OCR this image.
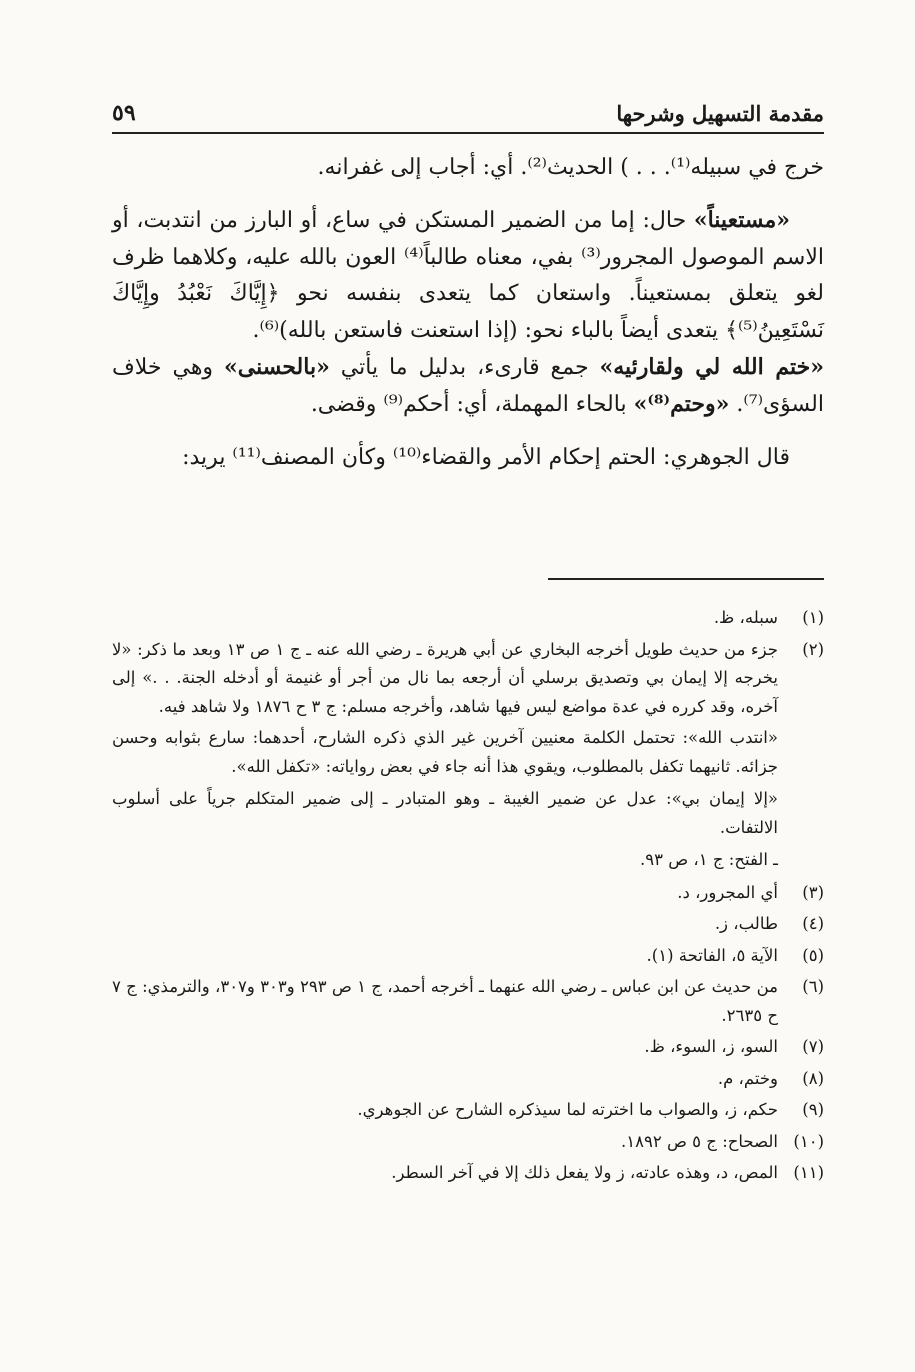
٥٩	مقدمة التسهيل وشرحها

خرج في سبيله⁽¹⁾. . . ) الحديث⁽²⁾. أي: أجاب إلى غفرانه.

«مستعيناً» حال: إما من الضمير المستكن في ساع، أو البارز من انتدبت، أو الاسم الموصول المجرور⁽³⁾ بفي، معناه طالباً⁽⁴⁾ العون بالله عليه، وكلاهما ظرف لغو يتعلق بمستعيناً. واستعان كما يتعدى بنفسه نحو ﴿إِيَّاكَ نَعْبُدُ وإِيَّاكَ نَسْتَعِينُ⁽⁵⁾﴾ يتعدى أيضاً بالباء نحو: (إذا استعنت فاستعن بالله)⁽⁶⁾.

«ختم الله لي ولقارئيه» جمع قارىء، بدليل ما يأتي «بالحسنى» وهي خلاف السؤى⁽⁷⁾. «وحتم⁽⁸⁾» بالحاء المهملة، أي: أحكم⁽⁹⁾ وقضى.

قال الجوهري: الحتم إحكام الأمر والقضاء⁽¹⁰⁾ وكأن المصنف⁽¹¹⁾ يريد:

(١)
سبله، ظ.
(٢)
جزء من حديث طويل أخرجه البخاري عن أبي هريرة ـ رضي الله عنه ـ ج ١ ص ١٣ وبعد ما ذكر: «لا يخرجه إلا إيمان بي وتصديق برسلي أن أرجعه بما نال من أجر أو غنيمة أو أدخله الجنة. . .» إلى آخره، وقد كرره في عدة مواضع ليس فيها شاهد، وأخرجه مسلم: ج ٣ ح ١٨٧٦ ولا شاهد فيه.
«انتدب الله»: تحتمل الكلمة معنيين آخرين غير الذي ذكره الشارح، أحدهما: سارع بثوابه وحسن جزائه. ثانيهما تكفل بالمطلوب، ويقوي هذا أنه جاء في بعض رواياته: «تكفل الله».
«إلا إيمان بي»: عدل عن ضمير الغيبة ـ وهو المتبادر ـ إلى ضمير المتكلم جرياً على أسلوب الالتفات.
ـ الفتح: ج ١، ص ٩٣.
(٣)
أي المجرور، د.
(٤)
طالب، ز.
(٥)
الآية ٥، الفاتحة (١).
(٦)
من حديث عن ابن عباس ـ رضي الله عنهما ـ أخرجه أحمد، ج ١ ص ٢٩٣ و٣٠٣ و٣٠٧، والترمذي: ج ٧ ح ٢٦٣٥.
(٧)
السو، ز، السوء، ظ.
(٨)
وختم، م.
(٩)
حكم، ز، والصواب ما اخترته لما سيذكره الشارح عن الجوهري.
(١٠)
الصحاح: ج ٥ ص ١٨٩٢.
(١١)
المص، د، وهذه عادته، ز ولا يفعل ذلك إلا في آخر السطر.
